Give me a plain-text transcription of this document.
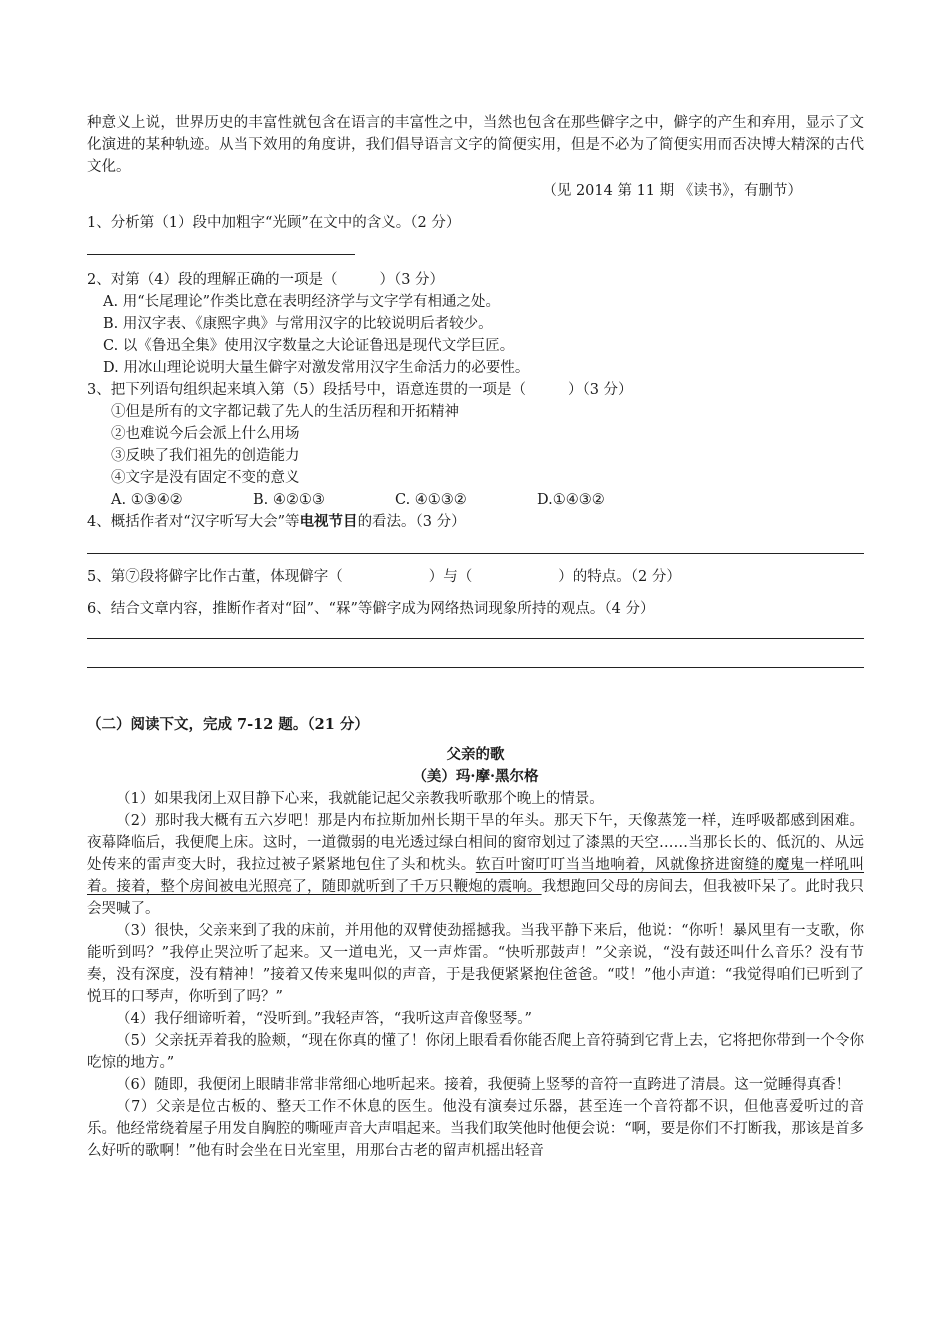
种意义上说，世界历史的丰富性就包含在语言的丰富性之中，当然也包含在那些僻字之中，僻字的产生和弃用，显示了文化演进的某种轨迹。从当下效用的角度讲，我们倡导语言文字的简便实用，但是不必为了简便实用而否决博大精深的古代文化。
（见 2014 第 11 期 《读书》，有删节）
1、分析第（1）段中加粗字“光顾”在文中的含义。（2 分）
2、对第（4）段的理解正确的一项是（	）（3 分）
A. 用“长尾理论”作类比意在表明经济学与文字学有相通之处。
B. 用汉字表、《康熙字典》与常用汉字的比较说明后者较少。
C. 以《鲁迅全集》使用汉字数量之大论证鲁迅是现代文学巨匠。
D. 用冰山理论说明大量生僻字对激发常用汉字生命活力的必要性。
3、把下列语句组织起来填入第（5）段括号中，语意连贯的一项是（	）（3 分）
①但是所有的文字都记载了先人的生活历程和开拓精神
②也难说今后会派上什么用场
③反映了我们祖先的创造能力
④文字是没有固定不变的意义
A. ①③④②	B. ④②①③	C. ④①③②	D.①④③②
4、概括作者对“汉字听写大会”等电视节目的看法。（3 分）
5、第⑦段将僻字比作古董，体现僻字（	）与（	）的特点。（2 分）
6、结合文章内容，推断作者对“囧”、“槑”等僻字成为网络热词现象所持的观点。（4 分）
（二）阅读下文，完成 7-12 题。（21 分）
父亲的歌
（美）玛·摩·黑尔格
（1）如果我闭上双目静下心来，我就能记起父亲教我听歌那个晚上的情景。
（2）那时我大概有五六岁吧！那是内布拉斯加州长期干旱的年头。那天下午，天像蒸笼一样，连呼吸都感到困难。夜幕降临后，我便爬上床。这时，一道微弱的电光透过绿白相间的窗帘划过了漆黑的天空……当那长长的、低沉的、从远处传来的雷声变大时，我拉过被子紧紧地包住了头和枕头。软百叶窗叮叮当当地响着，风就像挤进窗缝的魔鬼一样吼叫着。接着，整个房间被电光照亮了，随即就听到了千万只鞭炮的震响。我想跑回父母的房间去，但我被吓呆了。此时我只会哭喊了。
（3）很快，父亲来到了我的床前，并用他的双臂使劲摇撼我。当我平静下来后，他说：“你听！暴风里有一支歌，你能听到吗？”我停止哭泣听了起来。又一道电光，又一声炸雷。“快听那鼓声！”父亲说，“没有鼓还叫什么音乐？没有节奏，没有深度，没有精神！”接着又传来鬼叫似的声音，于是我便紧紧抱住爸爸。“哎！”他小声道：“我觉得咱们已听到了悦耳的口琴声，你听到了吗？”
（4）我仔细谛听着，“没听到。”我轻声答，“我听这声音像竖琴。”
（5）父亲抚弄着我的脸颊，“现在你真的懂了！你闭上眼看看你能否爬上音符骑到它背上去，它将把你带到一个令你吃惊的地方。”
（6）随即，我便闭上眼睛非常非常细心地听起来。接着，我便骑上竖琴的音符一直跨进了清晨。这一觉睡得真香！
（7）父亲是位古板的、整天工作不休息的医生。他没有演奏过乐器，甚至连一个音符都不识，但他喜爱听过的音乐。他经常绕着屋子用发自胸腔的嘶哑声音大声唱起来。当我们取笑他时他便会说：“啊，要是你们不打断我，那该是首多么好听的歌啊！”他有时会坐在日光室里，用那台古老的留声机摇出轻音
